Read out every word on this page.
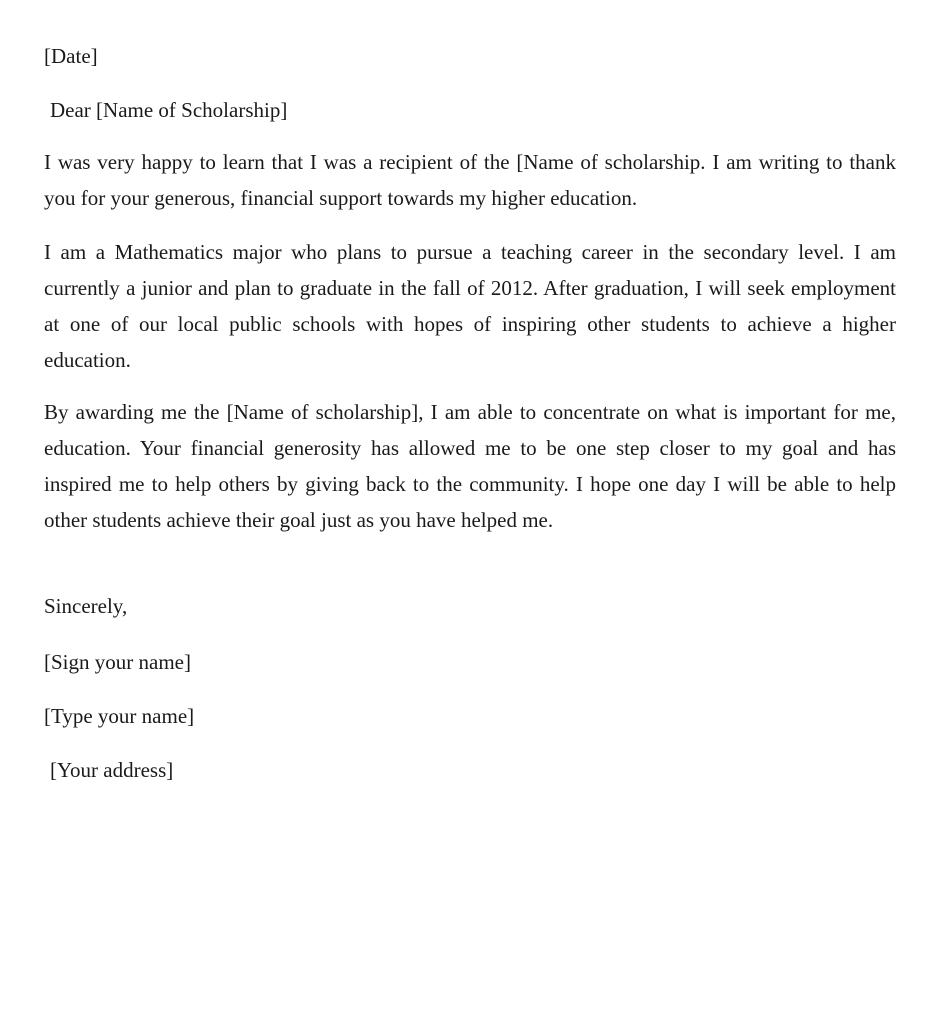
[Date]
Dear [Name of Scholarship]
I was very happy to learn that I was a recipient of the [Name of scholarship. I am writing to thank you for your generous, financial support towards my higher education.
I am a Mathematics major who plans to pursue a teaching career in the secondary level. I am currently a junior and plan to graduate in the fall of 2012. After graduation, I will seek employment at one of our local public schools with hopes of inspiring other students to achieve a higher education.
By awarding me the [Name of scholarship], I am able to concentrate on what is important for me, education. Your financial generosity has allowed me to be one step closer to my goal and has inspired me to help others by giving back to the community. I hope one day I will be able to help other students achieve their goal just as you have helped me.
Sincerely,
[Sign your name]
[Type your name]
[Your address]
